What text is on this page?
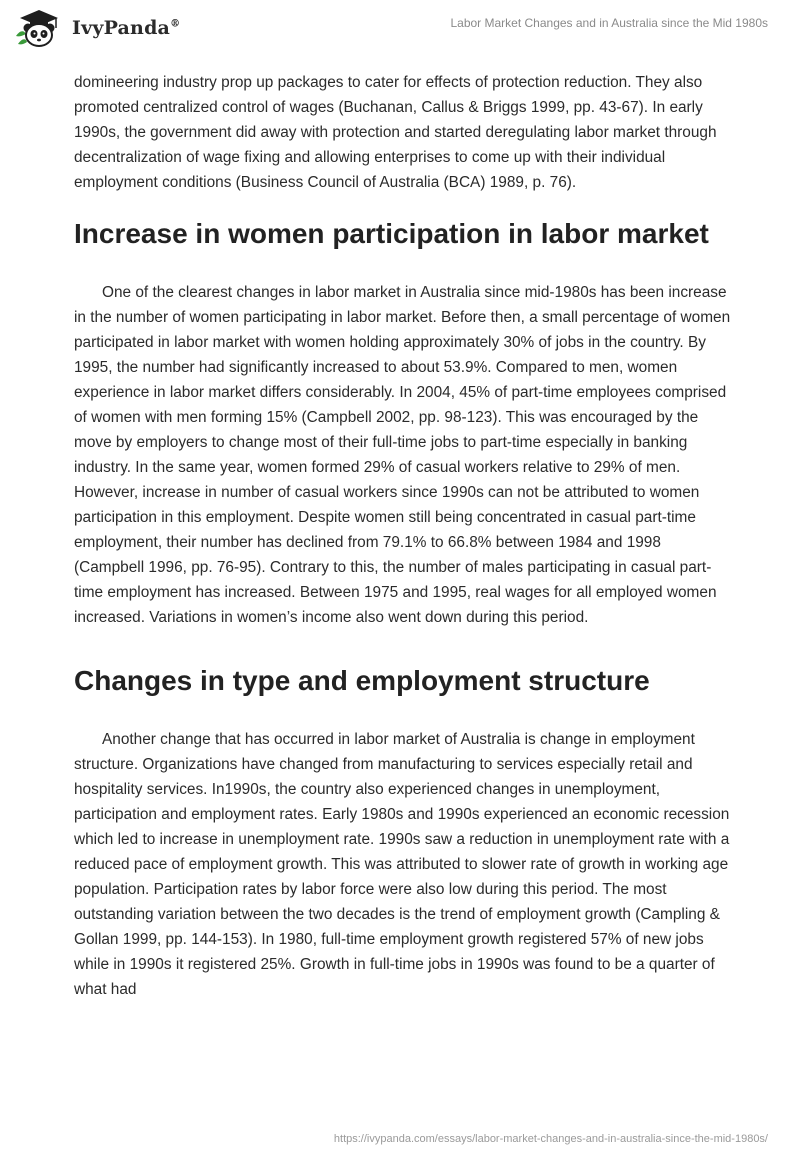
IvyPanda®	Labor Market Changes and in Australia since the Mid 1980s

domineering industry prop up packages to cater for effects of protection reduction. They also promoted centralized control of wages (Buchanan, Callus & Briggs 1999, pp. 43-67). In early 1990s, the government did away with protection and started deregulating labor market through decentralization of wage fixing and allowing enterprises to come up with their individual employment conditions (Business Council of Australia (BCA) 1989, p. 76).

Increase in women participation in labor market

One of the clearest changes in labor market in Australia since mid-1980s has been increase in the number of women participating in labor market. Before then, a small percentage of women participated in labor market with women holding approximately 30% of jobs in the country. By 1995, the number had significantly increased to about 53.9%. Compared to men, women experience in labor market differs considerably. In 2004, 45% of part-time employees comprised of women with men forming 15% (Campbell 2002, pp. 98-123). This was encouraged by the move by employers to change most of their full-time jobs to part-time especially in banking industry. In the same year, women formed 29% of casual workers relative to 29% of men. However, increase in number of casual workers since 1990s can not be attributed to women participation in this employment. Despite women still being concentrated in casual part-time employment, their number has declined from 79.1% to 66.8% between 1984 and 1998 (Campbell 1996, pp. 76-95). Contrary to this, the number of males participating in casual part-time employment has increased. Between 1975 and 1995, real wages for all employed women increased. Variations in women’s income also went down during this period.

Changes in type and employment structure

Another change that has occurred in labor market of Australia is change in employment structure. Organizations have changed from manufacturing to services especially retail and hospitality services. In1990s, the country also experienced changes in unemployment, participation and employment rates. Early 1980s and 1990s experienced an economic recession which led to increase in unemployment rate. 1990s saw a reduction in unemployment rate with a reduced pace of employment growth. This was attributed to slower rate of growth in working age population. Participation rates by labor force were also low during this period. The most outstanding variation between the two decades is the trend of employment growth (Campling & Gollan 1999, pp. 144-153). In 1980, full-time employment growth registered 57% of new jobs while in 1990s it registered 25%. Growth in full-time jobs in 1990s was found to be a quarter of what had

https://ivypanda.com/essays/labor-market-changes-and-in-australia-since-the-mid-1980s/
